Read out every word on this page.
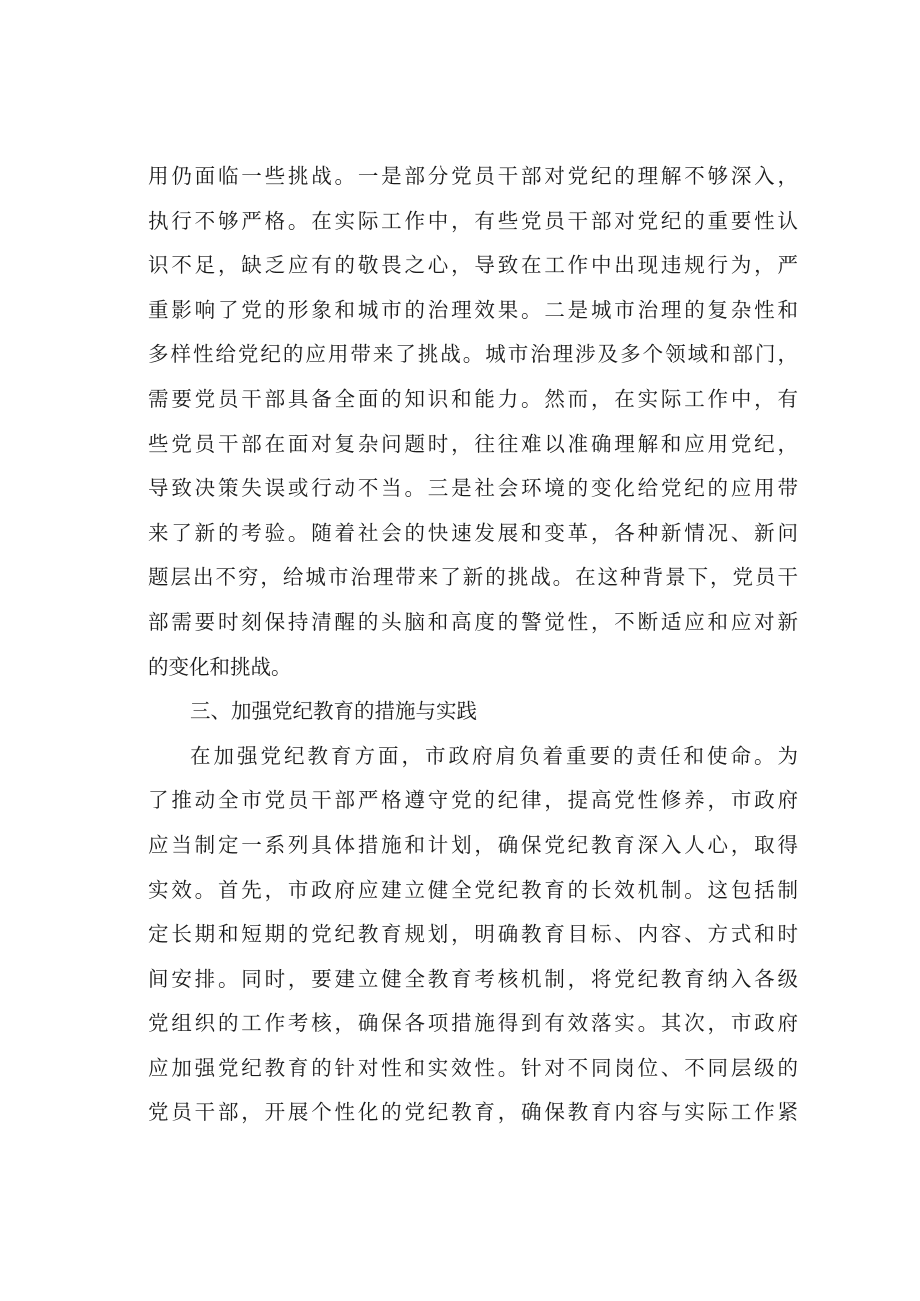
用仍面临一些挑战。一是部分党员干部对党纪的理解不够深入，
执行不够严格。在实际工作中，有些党员干部对党纪的重要性认
识不足，缺乏应有的敬畏之心，导致在工作中出现违规行为，严
重影响了党的形象和城市的治理效果。二是城市治理的复杂性和
多样性给党纪的应用带来了挑战。城市治理涉及多个领域和部门，
需要党员干部具备全面的知识和能力。然而，在实际工作中，有
些党员干部在面对复杂问题时，往往难以准确理解和应用党纪，
导致决策失误或行动不当。三是社会环境的变化给党纪的应用带
来了新的考验。随着社会的快速发展和变革，各种新情况、新问
题层出不穷，给城市治理带来了新的挑战。在这种背景下，党员干
部需要时刻保持清醒的头脑和高度的警觉性，不断适应和应对新
的变化和挑战。
三、加强党纪教育的措施与实践
在加强党纪教育方面，市政府肩负着重要的责任和使命。为
了推动全市党员干部严格遵守党的纪律，提高党性修养，市政府
应当制定一系列具体措施和计划，确保党纪教育深入人心，取得
实效。首先，市政府应建立健全党纪教育的长效机制。这包括制
定长期和短期的党纪教育规划，明确教育目标、内容、方式和时
间安排。同时，要建立健全教育考核机制，将党纪教育纳入各级
党组织的工作考核，确保各项措施得到有效落实。其次，市政府
应加强党纪教育的针对性和实效性。针对不同岗位、不同层级的
党员干部，开展个性化的党纪教育，确保教育内容与实际工作紧
